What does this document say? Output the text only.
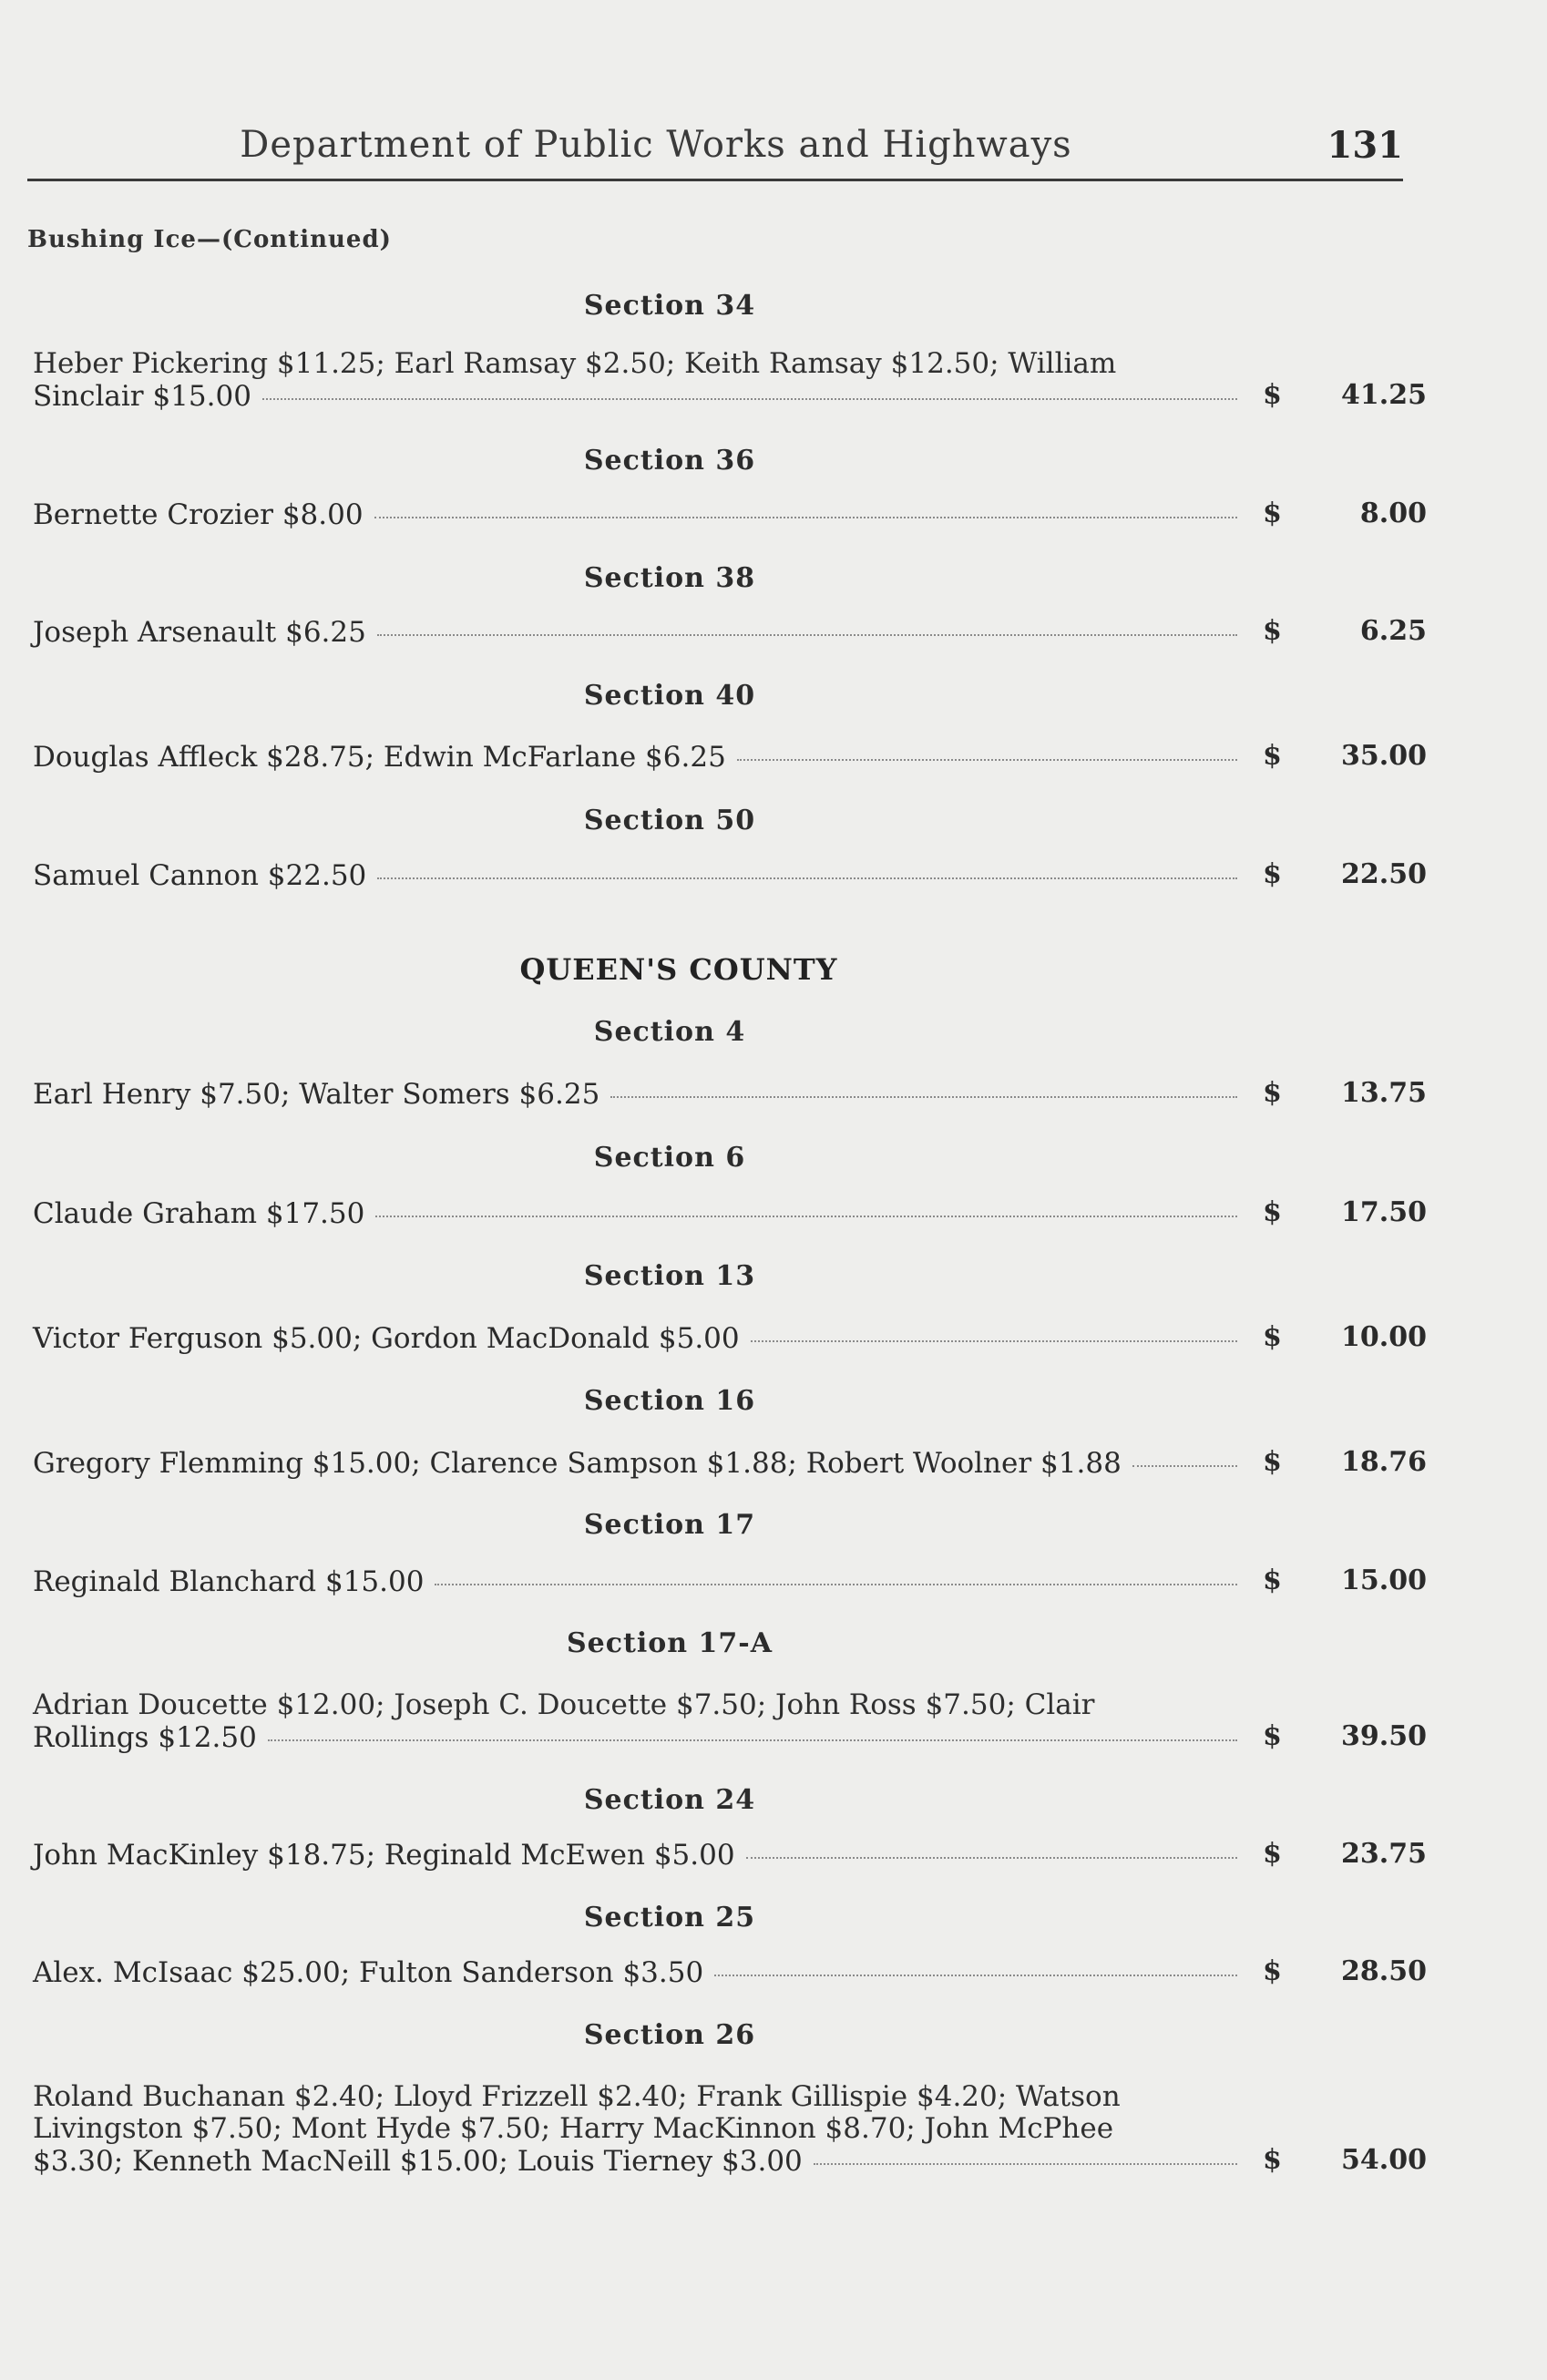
Department of Public Works and Highways	131
Bushing Ice—(Continued)
Section 34
Heber Pickering $11.25; Earl Ramsay $2.50; Keith Ramsay $12.50; William
Sinclair $15.00	$	41.25
Section 36
Bernette Crozier $8.00	$	8.00
Section 38
Joseph Arsenault $6.25	$	6.25
Section 40
Douglas Affleck $28.75; Edwin McFarlane $6.25	$	35.00
Section 50
Samuel Cannon $22.50	$	22.50
QUEEN'S COUNTY
Section 4
Earl Henry $7.50; Walter Somers $6.25	$	13.75
Section 6
Claude Graham $17.50	$	17.50
Section 13
Victor Ferguson $5.00; Gordon MacDonald $5.00	$	10.00
Section 16
Gregory Flemming $15.00; Clarence Sampson $1.88; Robert Woolner $1.88	$	18.76
Section 17
Reginald Blanchard $15.00	$	15.00
Section 17-A
Adrian Doucette $12.00; Joseph C. Doucette $7.50; John Ross $7.50; Clair
Rollings $12.50	$	39.50
Section 24
John MacKinley $18.75; Reginald McEwen $5.00	$	23.75
Section 25
Alex. McIsaac $25.00; Fulton Sanderson $3.50	$	28.50
Section 26
Roland Buchanan $2.40; Lloyd Frizzell $2.40; Frank Gillispie $4.20; Watson
Livingston $7.50; Mont Hyde $7.50; Harry MacKinnon $8.70; John McPhee
$3.30; Kenneth MacNeill $15.00; Louis Tierney $3.00	$	54.00
